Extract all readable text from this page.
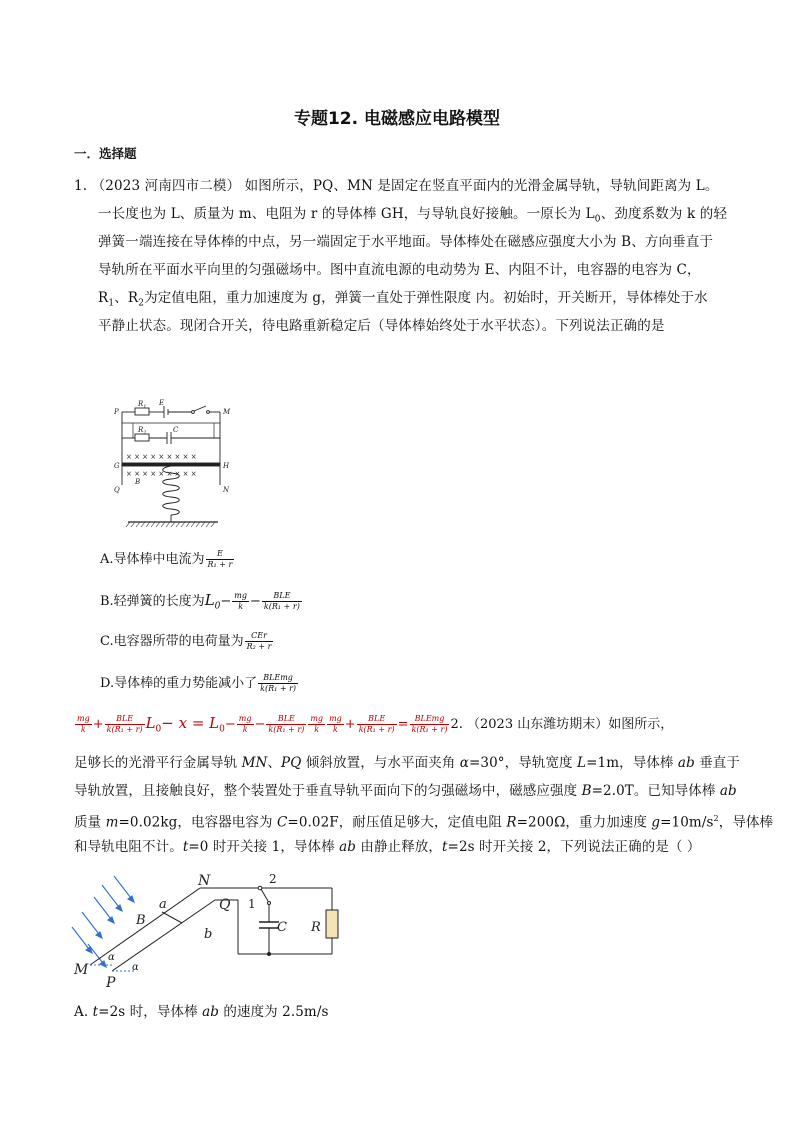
专题12. 电磁感应电路模型
一．选择题
1. （2023 河南四市二模） 如图所示，PQ、MN 是固定在竖直平面内的光滑金属导轨，导轨间距离为 L。
一长度也为 L、质量为 m、电阻为 r 的导体棒 GH，与导轨良好接触。一原长为 $L_0$、劲度系数为 k 的轻
弹簧一端连接在导体棒的中点，另一端固定于水平地面。导体棒处在磁感应强度大小为 B、方向垂直于
导轨所在平面水平向里的匀强磁场中。图中直流电源的电动势为 E、内阻不计，电容器的电容为 C，
$R_1$、$R_2$为定值电阻，重力加速度为 g，弹簧一直处于弹性限度 内。初始时，开关断开，导体棒处于水
平静止状态。现闭合开关，待电路重新稳定后（导体棒始终处于水平状态）。下列说法正确的是
P	M
$R_1$ E
$R_2$	C
G	H
Q	N
B
× × × × × × × × ×
× × × × × × × × ×
A.导体棒中电流为 $\frac{E}{\text{R₁ + r}}$
B.轻弹簧的长度为$L_0- \frac{mg}{k} - \frac{\text{BLE}}{\text{k(R₁ + r)}}$
C.电容器所带的电荷量为 $\frac{\text{CEr}}{\text{R₂ + r}}$
D.导体棒的重力势能减小了 $\frac{\text{BLEmg}}{\text{k(R₁ + r)}}$
$\frac{mg}{k} + \frac{\text{BLE}}{\text{k(R₁ + r)}} L_0- x = L_0- \frac{mg}{k} - \frac{\text{BLE}}{\text{k(R₁ + r)}} \frac{mg}{k} \frac{mg}{k} + \frac{\text{BLE}}{\text{k(R₁ + r)}} = \frac{\text{BLEmg}}{\text{k(R₁ + r)}} 2$. （2023 山东潍坊期末）如图所示，
足够长的光滑平行金属导轨 MN、PQ 倾斜放置，与水平面夹角 α=30°，导轨宽度 L=1m，导体棒 ab 垂直于
导轨放置，且接触良好，整个装置处于垂直导轨平面向下的匀强磁场中，磁感应强度 B=2.0T。已知导体棒 ab
质量 m=0.02kg，电容器电容为 C=0.02F，耐压值足够大，定值电阻 R=200Ω，重力加速度 $g=10m/s^2$，导体棒
和导轨电阻不计。t=0 时开关接 1，导体棒 ab 由静止释放，t=2s 时开关接 2，下列说法正确的是（ ）
N
Q
a
B
b	C R
M
P
α
α
2
1
A. t=2s 时，导体棒 ab 的速度为 2.5m/s
